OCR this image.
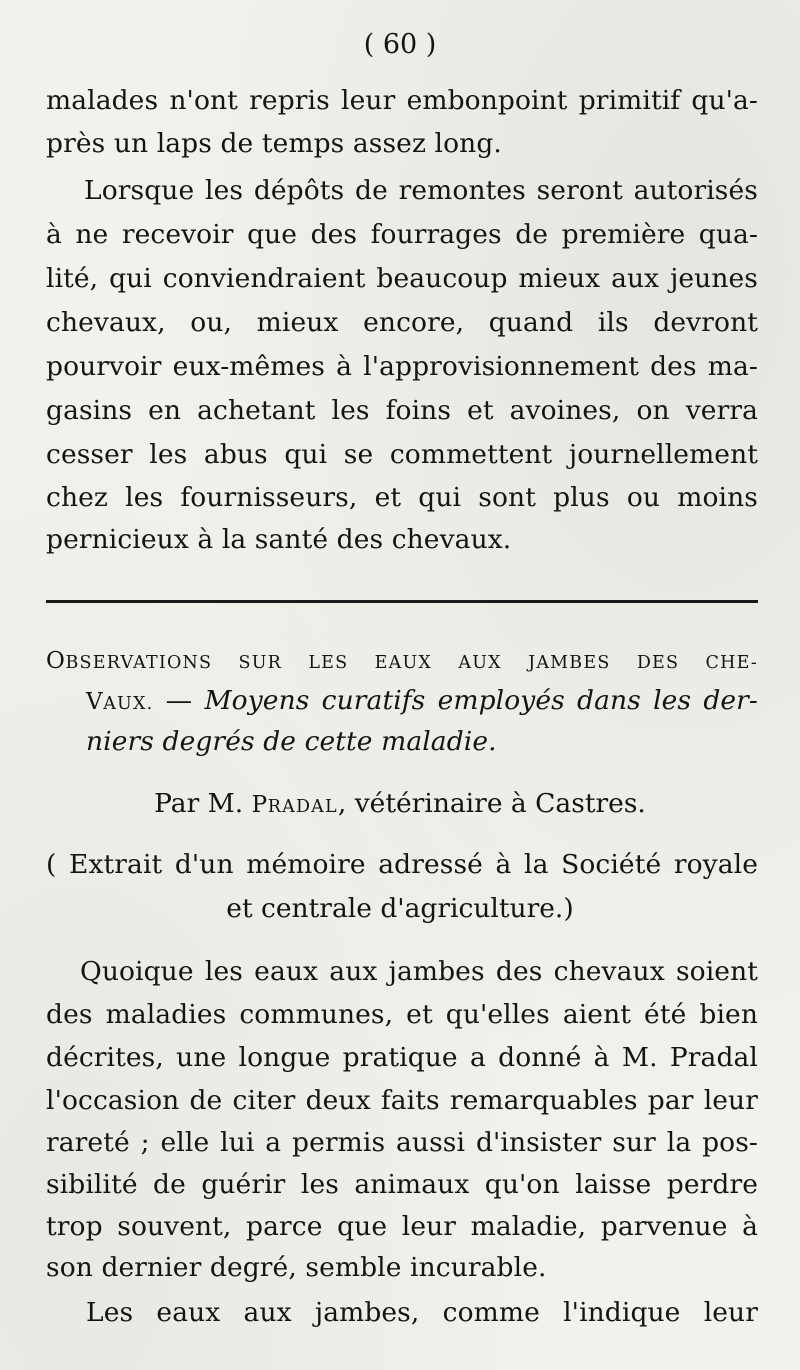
( 60 )
malades n'ont repris leur embonpoint primitif qu'a-
près un laps de temps assez long.
Lorsque les dépôts de remontes seront autorisés
à ne recevoir que des fourrages de première qua-
lité, qui conviendraient beaucoup mieux aux jeunes
chevaux, ou, mieux encore, quand ils devront
pourvoir eux-mêmes à l'approvisionnement des ma-
gasins en achetant les foins et avoines, on verra
cesser les abus qui se commettent journellement
chez les fournisseurs, et qui sont plus ou moins
pernicieux à la santé des chevaux.
OBSERVATIONS SUR LES EAUX AUX JAMBES DES CHE-
VAUX. — Moyens curatifs employés dans les der-
niers degrés de cette maladie.
Par M. PRADAL, vétérinaire à Castres.
( Extrait d'un mémoire adressé à la Société royale
et centrale d'agriculture.)
Quoique les eaux aux jambes des chevaux soient
des maladies communes, et qu'elles aient été bien
décrites, une longue pratique a donné à M. Pradal
l'occasion de citer deux faits remarquables par leur
rareté ; elle lui a permis aussi d'insister sur la pos-
sibilité de guérir les animaux qu'on laisse perdre
trop souvent, parce que leur maladie, parvenue à
son dernier degré, semble incurable.
Les eaux aux jambes, comme l'indique leur
